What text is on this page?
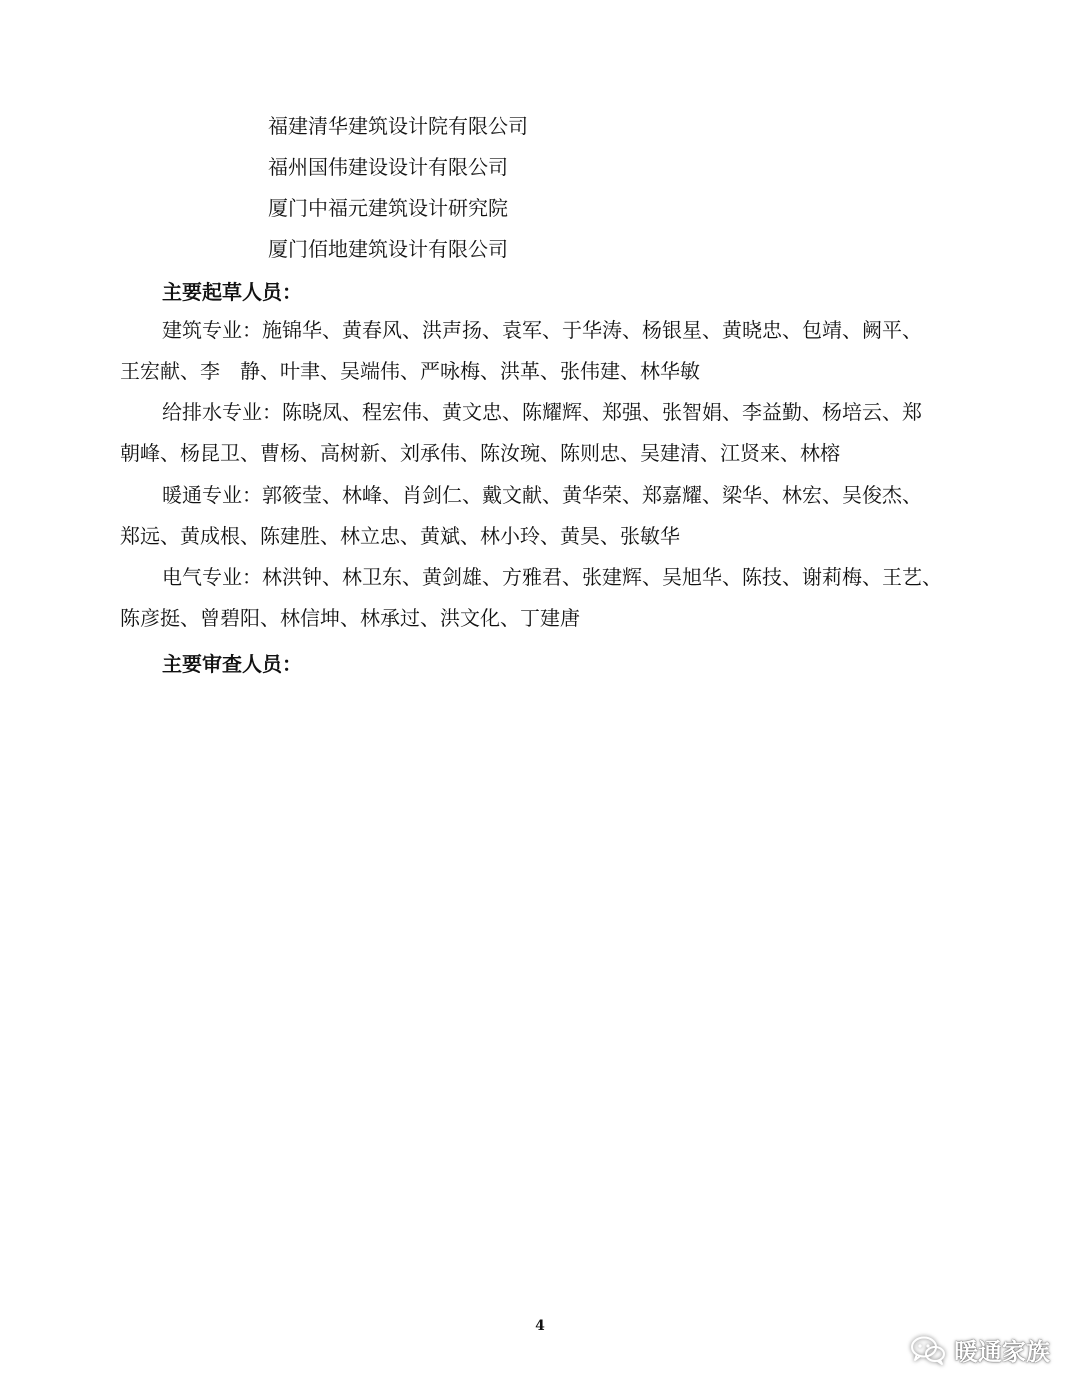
福建清华建筑设计院有限公司
福州国伟建设设计有限公司
厦门中福元建筑设计研究院
厦门佰地建筑设计有限公司
主要起草人员：

建筑专业：施锦华、黄春风、洪声扬、袁军、于华涛、杨银星、黄晓忠、包靖、阙平、
王宏献、李　静、叶聿、吴端伟、严咏梅、洪革、张伟建、林华敏

给排水专业：陈晓凤、程宏伟、黄文忠、陈耀辉、郑强、张智娟、李益勤、杨培云、郑
朝峰、杨昆卫、曹杨、高树新、刘承伟、陈汝琬、陈则忠、吴建清、江贤来、林榕

暖通专业：郭筱莹、林峰、肖剑仁、戴文献、黄华荣、郑嘉耀、梁华、林宏、吴俊杰、
郑远、黄成根、陈建胜、林立忠、黄斌、林小玲、黄昊、张敏华

电气专业：林洪钟、林卫东、黄剑雄、方雅君、张建辉、吴旭华、陈技、谢莉梅、王艺、
陈彦挺、曾碧阳、林信坤、林承过、洪文化、丁建唐

主要审查人员：
4
暖通家族
